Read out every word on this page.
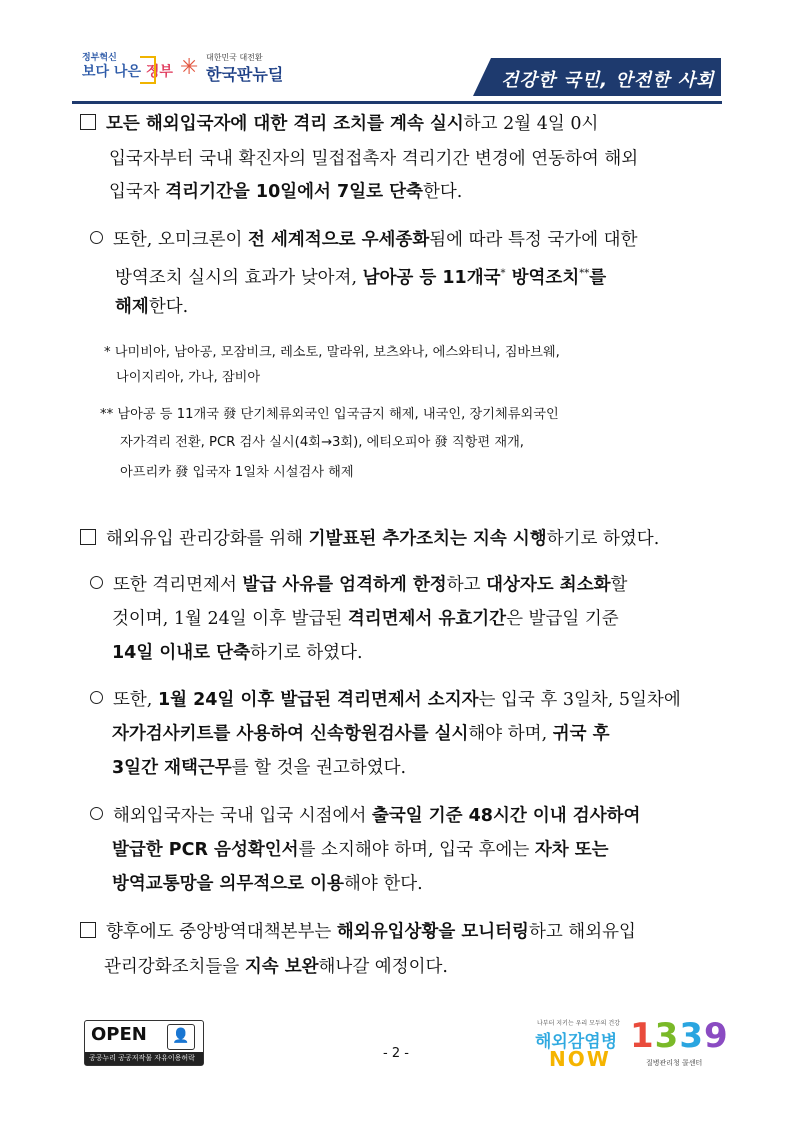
정부혁신
보다 나은 정부 ✳ 대한민국 대전환
한국판뉴딜	건강한 국민, 안전한 사회
모든 해외입국자에 대한 격리 조치를 계속 실시하고 2월 4일 0시
입국자부터 국내 확진자의 밀접접촉자 격리기간 변경에 연동하여 해외
입국자 격리기간을 10일에서 7일로 단축한다.
또한, 오미크론이 전 세계적으로 우세종화됨에 따라 특정 국가에 대한
방역조치 실시의 효과가 낮아져, 남아공 등 11개국* 방역조치**를
해제한다.
* 나미비아, 남아공, 모잠비크, 레소토, 말라위, 보츠와나, 에스와티니, 짐바브웨,
나이지리아, 가나, 잠비아
** 남아공 등 11개국 發 단기체류외국인 입국금지 해제, 내국인, 장기체류외국인
자가격리 전환, PCR 검사 실시(4회→3회), 에티오피아 發 직항편 재개,
아프리카 發 입국자 1일차 시설검사 해제
해외유입 관리강화를 위해 기발표된 추가조치는 지속 시행하기로 하였다.
또한 격리면제서 발급 사유를 엄격하게 한정하고 대상자도 최소화할
것이며, 1월 24일 이후 발급된 격리면제서 유효기간은 발급일 기준
14일 이내로 단축하기로 하였다.
또한, 1월 24일 이후 발급된 격리면제서 소지자는 입국 후 3일차, 5일차에
자가검사키트를 사용하여 신속항원검사를 실시해야 하며, 귀국 후
3일간 재택근무를 할 것을 권고하였다.
해외입국자는 국내 입국 시점에서 출국일 기준 48시간 이내 검사하여
발급한 PCR 음성확인서를 소지해야 하며, 입국 후에는 자차 또는
방역교통망을 의무적으로 이용해야 한다.
향후에도 중앙방역대책본부는 해외유입상황을 모니터링하고 해외유입
관리강화조치들을 지속 보완해나갈 예정이다.
OPEN	👤
공공누리 공공저작물 자유이용허락	- 2 -
나부터 지키는 우리 모두의 건강
해외감염병
NOW
1339
질병관리청 콜센터
